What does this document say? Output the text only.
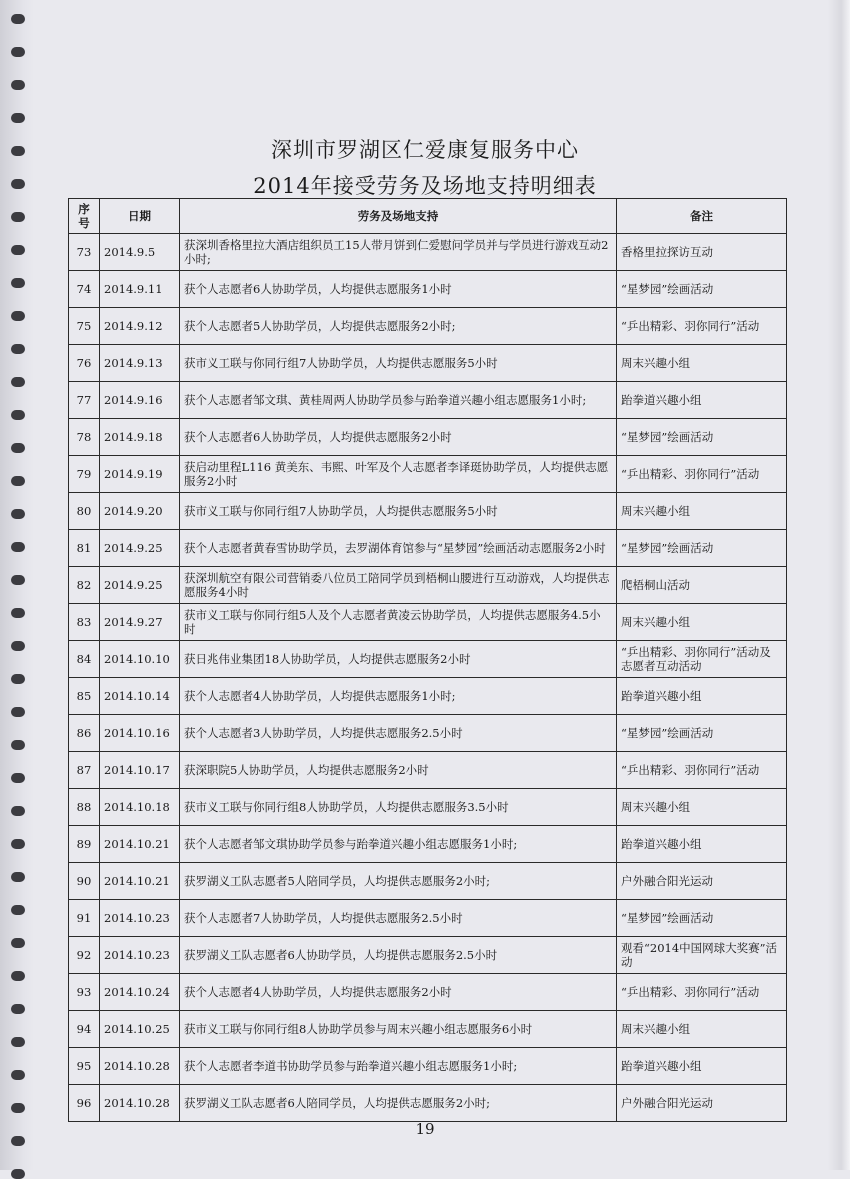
深圳市罗湖区仁爱康复服务中心
2014年接受劳务及场地支持明细表
序号	日期	劳务及场地支持	备注
73	2014.9.5	获深圳香格里拉大酒店组织员工15人带月饼到仁爱慰问学员并与学员进行游戏互动2小时;	香格里拉探访互动
74	2014.9.11	获个人志愿者6人协助学员，人均提供志愿服务1小时	“星梦园”绘画活动
75	2014.9.12	获个人志愿者5人协助学员，人均提供志愿服务2小时;	“乒出精彩、羽你同行”活动
76	2014.9.13	获市义工联与你同行组7人协助学员，人均提供志愿服务5小时	周末兴趣小组
77	2014.9.16	获个人志愿者邹文琪、黄桂周两人协助学员参与跆拳道兴趣小组志愿服务1小时;	跆拳道兴趣小组
78	2014.9.18	获个人志愿者6人协助学员，人均提供志愿服务2小时	“星梦园”绘画活动
79	2014.9.19	获启动里程L116 黄美东、韦熙、叶军及个人志愿者李译珽协助学员，人均提供志愿服务2小时	“乒出精彩、羽你同行”活动
80	2014.9.20	获市义工联与你同行组7人协助学员，人均提供志愿服务5小时	周末兴趣小组
81	2014.9.25	获个人志愿者黄春雪协助学员，去罗湖体育馆参与“星梦园”绘画活动志愿服务2小时	“星梦园”绘画活动
82	2014.9.25	获深圳航空有限公司营销委八位员工陪同学员到梧桐山腰进行互动游戏，人均提供志愿服务4小时	爬梧桐山活动
83	2014.9.27	获市义工联与你同行组5人及个人志愿者黄凌云协助学员，人均提供志愿服务4.5小时	周末兴趣小组
84	2014.10.10	获日兆伟业集团18人协助学员，人均提供志愿服务2小时	“乒出精彩、羽你同行”活动及志愿者互动活动
85	2014.10.14	获个人志愿者4人协助学员，人均提供志愿服务1小时;	跆拳道兴趣小组
86	2014.10.16	获个人志愿者3人协助学员，人均提供志愿服务2.5小时	“星梦园”绘画活动
87	2014.10.17	获深职院5人协助学员，人均提供志愿服务2小时	“乒出精彩、羽你同行”活动
88	2014.10.18	获市义工联与你同行组8人协助学员，人均提供志愿服务3.5小时	周末兴趣小组
89	2014.10.21	获个人志愿者邹文琪协助学员参与跆拳道兴趣小组志愿服务1小时;	跆拳道兴趣小组
90	2014.10.21	获罗湖义工队志愿者5人陪同学员，人均提供志愿服务2小时;	户外融合阳光运动
91	2014.10.23	获个人志愿者7人协助学员，人均提供志愿服务2.5小时	“星梦园”绘画活动
92	2014.10.23	获罗湖义工队志愿者6人协助学员，人均提供志愿服务2.5小时	观看“2014中国网球大奖赛”活动
93	2014.10.24	获个人志愿者4人协助学员，人均提供志愿服务2小时	“乒出精彩、羽你同行”活动
94	2014.10.25	获市义工联与你同行组8人协助学员参与周末兴趣小组志愿服务6小时	周末兴趣小组
95	2014.10.28	获个人志愿者李道书协助学员参与跆拳道兴趣小组志愿服务1小时;	跆拳道兴趣小组
96	2014.10.28	获罗湖义工队志愿者6人陪同学员，人均提供志愿服务2小时;	户外融合阳光运动
19
